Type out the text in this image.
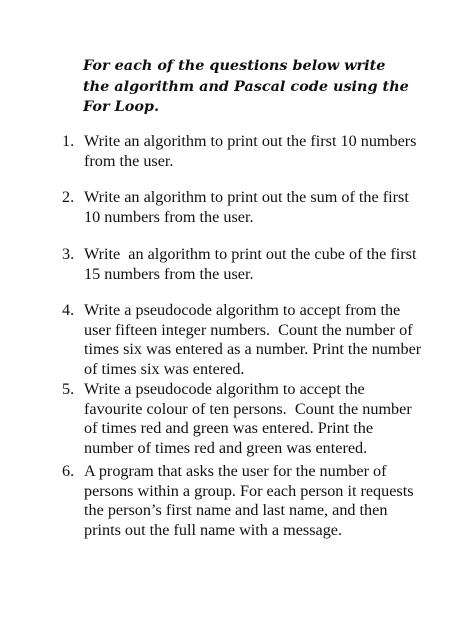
For each of the questions below write the algorithm and Pascal code using the For Loop.

1. Write an algorithm to print out the first 10 numbers from the user.
2. Write an algorithm to print out the sum of the first 10 numbers from the user.
3. Write  an algorithm to print out the cube of the first 15 numbers from the user.
4. Write a pseudocode algorithm to accept from the user fifteen integer numbers.  Count the number of times six was entered as a number. Print the number of times six was entered.
5. Write a pseudocode algorithm to accept the favourite colour of ten persons.  Count the number of times red and green was entered. Print the number of times red and green was entered.
6. A program that asks the user for the number of persons within a group. For each person it requests the person’s first name and last name, and then prints out the full name with a message.
